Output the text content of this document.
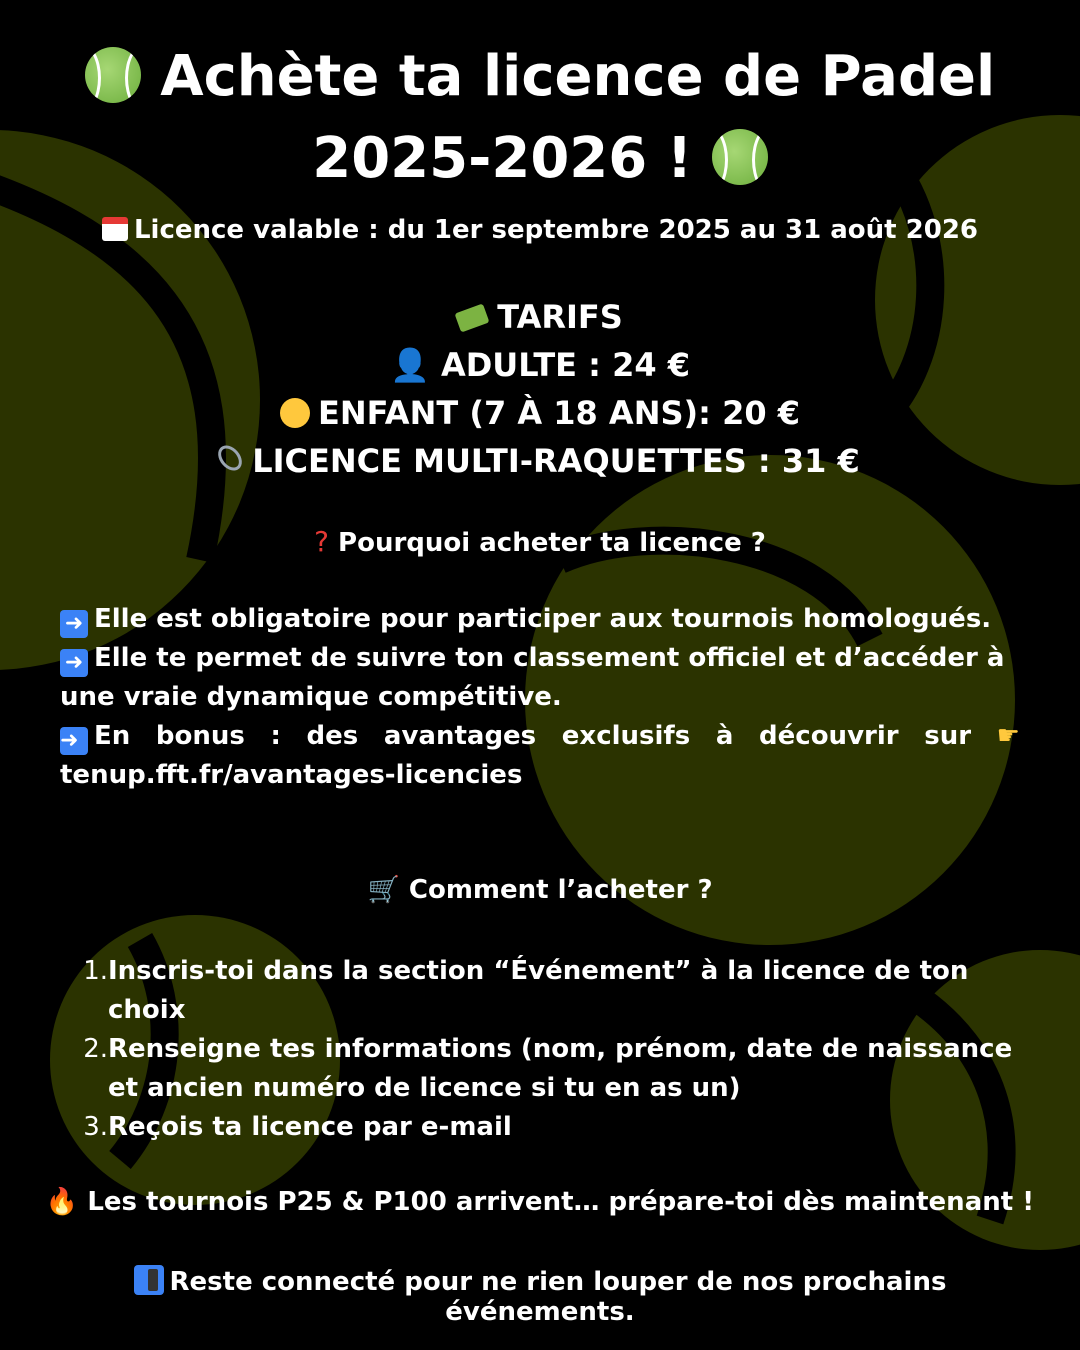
Achète ta licence de Padel
2025-2026 !
Licence valable : du 1er septembre 2025 au 31 août 2026
TARIFS
👤 ADULTE : 24 €
ENFANT (7 À 18 ANS): 20 €
LICENCE MULTI-RAQUETTES : 31 €
? Pourquoi acheter ta licence ?

➜ Elle est obligatoire pour participer aux tournois homologués.

➜ Elle te permet de suivre ton classement officiel et d’accéder à une vraie dynamique compétitive.

➜ En bonus : des avantages exclusifs à découvrir sur ☛ tenup.fft.fr/avantages-licencies

🛒 Comment l’acheter ?
1. Inscris-toi dans la section “Événement” à la licence de ton choix
2. Renseigne tes informations (nom, prénom, date de naissance et ancien numéro de licence si tu en as un)
3. Reçois ta licence par e-mail
🔥 Les tournois P25 & P100 arrivent… prépare-toi dès maintenant !
Reste connecté pour ne rien louper de nos prochains événements.
